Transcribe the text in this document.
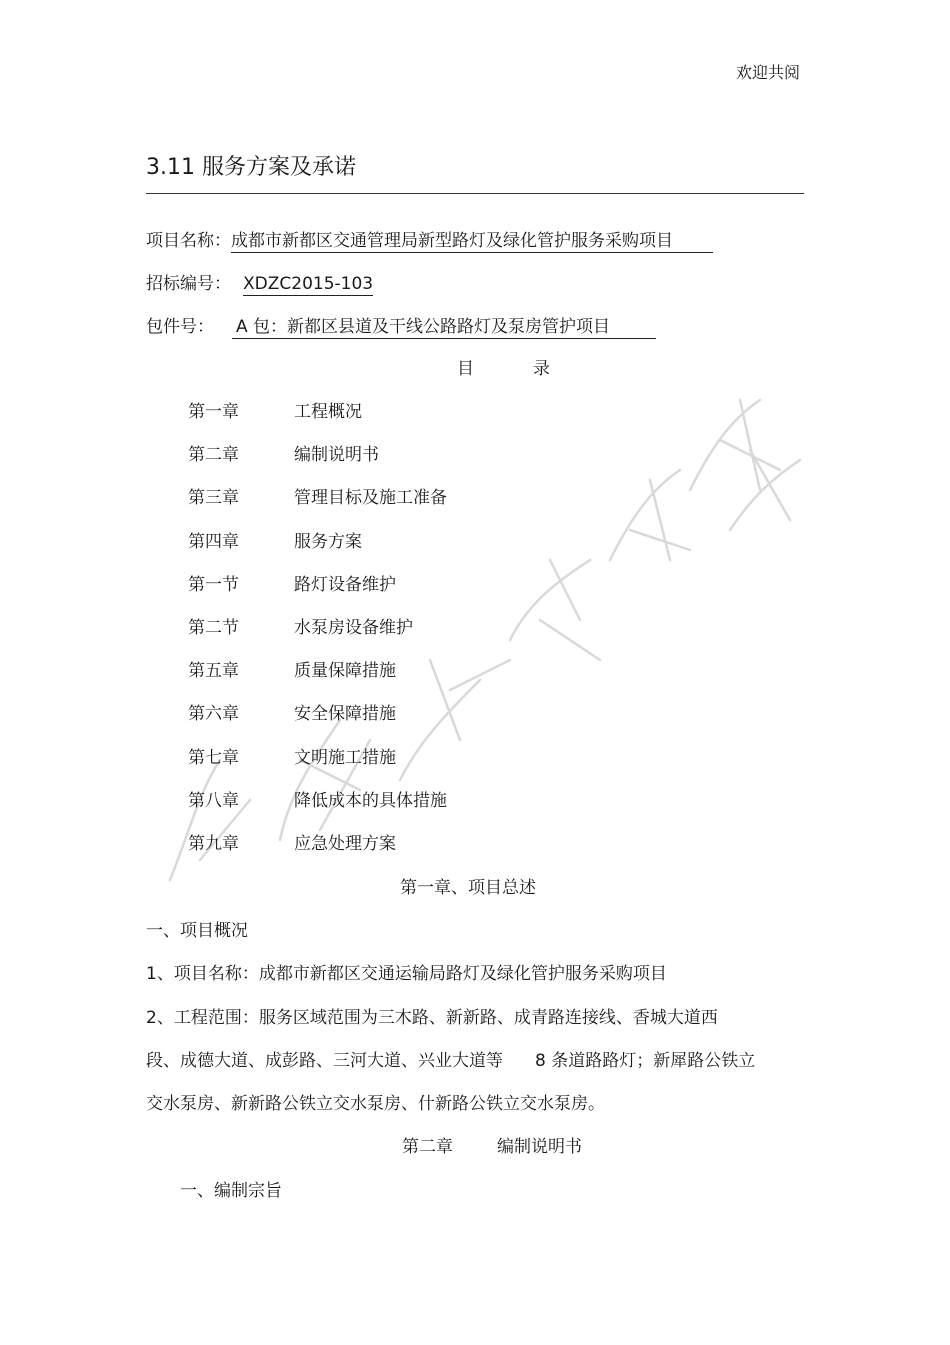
欢迎共阅
3.11 服务方案及承诺
项目名称：成都市新都区交通管理局新型路灯及绿化管护服务采购项目
招标编号： XDZC2015-103
包件号： A 包：新都区县道及干线公路路灯及泵房管护项目
目	录
第一章	工程概况
第二章	编制说明书
第三章	管理目标及施工准备
第四章	服务方案
第一节	路灯设备维护
第二节	水泵房设备维护
第五章	质量保障措施
第六章	安全保障措施
第七章	文明施工措施
第八章	降低成本的具体措施
第九章	应急处理方案
第一章、项目总述
一、项目概况
1、项目名称：成都市新都区交通运输局路灯及绿化管护服务采购项目
2、工程范围：服务区域范围为三木路、新新路、成青路连接线、香城大道西
段、成德大道、成彭路、三河大道、兴业大道等 8 条道路路灯；新犀路公铁立
交水泵房、新新路公铁立交水泵房、什新路公铁立交水泵房。
第二章	编制说明书
一、编制宗旨
